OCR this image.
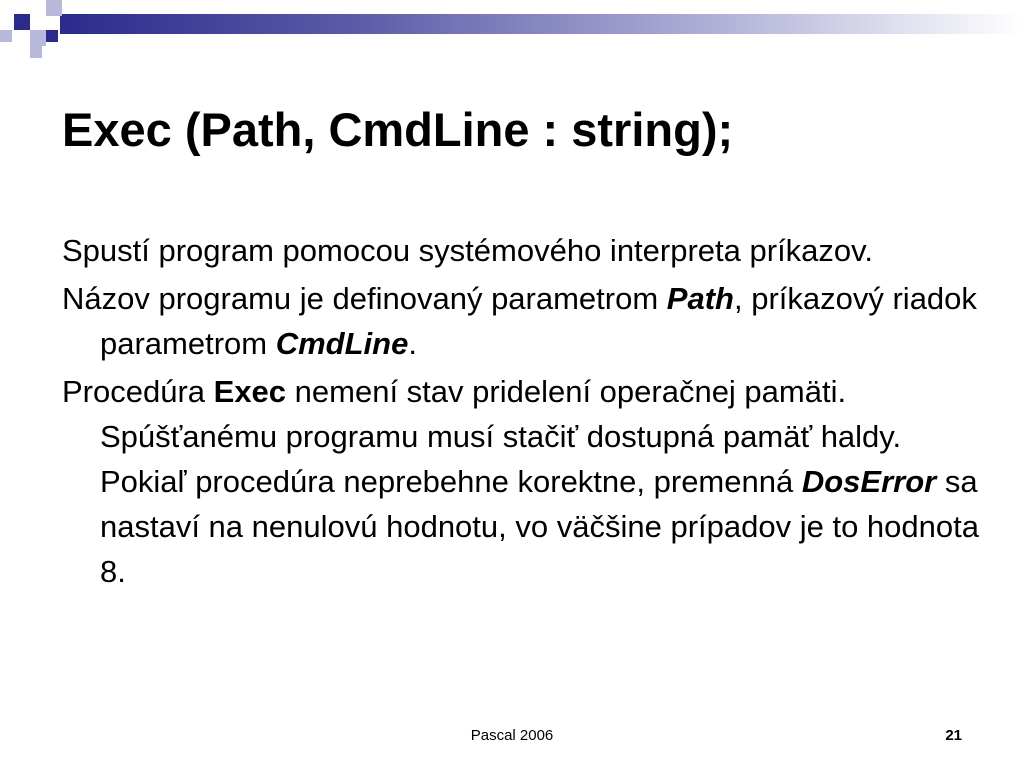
Exec (Path, CmdLine : string);

Spustí program pomocou systémového interpreta príkazov.

Názov programu je definovaný parametrom Path, príkazový riadok parametrom CmdLine.

Procedúra Exec nemení stav pridelení operačnej pamäti. Spúšťanému programu musí stačiť dostupná pamäť haldy. Pokiaľ procedúra neprebehne korektne, premenná DosError sa nastaví na nenulovú hodnotu, vo väčšine prípadov je to hodnota 8.

Pascal 2006	21
